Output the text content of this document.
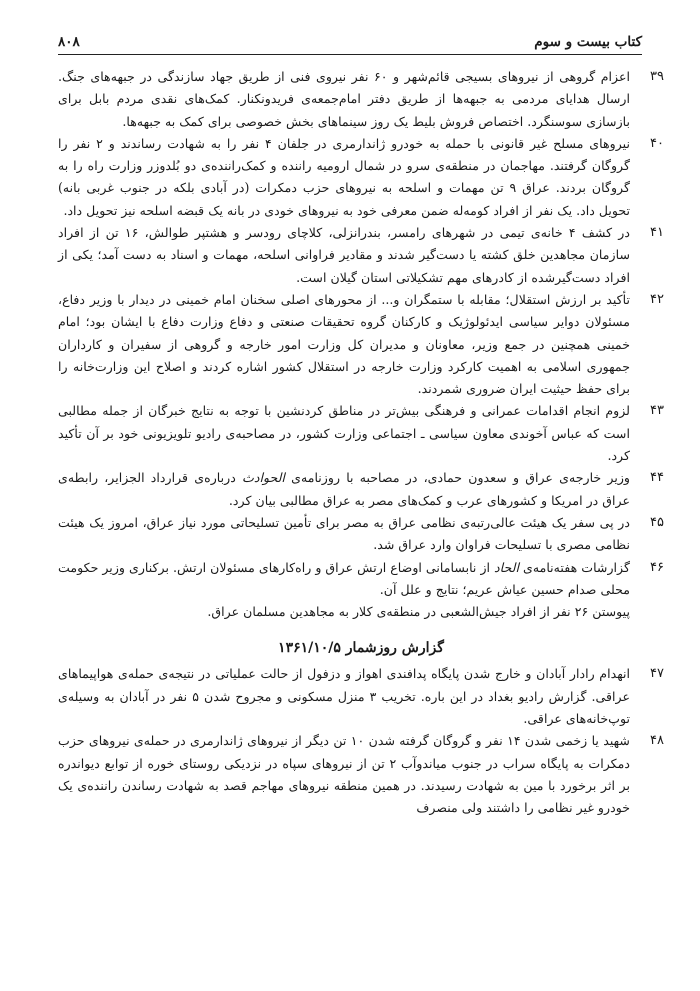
کتاب بیست و سوم
۸۰۸
۳۹
اعزام گروهی از نیروهای بسیجی قائم‌شهر و ۶۰ نفر نیروی فنی از طریق جهاد سازندگی در جبهه‌های جنگ. ارسال هدایای مردمی به جبهه‌ها از طریق دفتر امام‌جمعه‌ی فریدونکنار. کمک‌های نقدی مردم بابل برای بازسازی سوسنگرد. اختصاص فروش بلیط یک روز سینماهای بخش خصوصی برای کمک به جبهه‌ها.
۴۰
نیروهای مسلح غیر قانونی با حمله به خودرو ژاندارمری در جلفان ۴ نفر را به شهادت رساندند و ۲ نفر را گروگان گرفتند. مهاجمان در منطقه‌ی سرو در شمال ارومیه راننده و کمک‌راننده‌ی دو بُلدوزر وزارت راه را به گروگان بردند. عراق ۹ تن مهمات و اسلحه به نیروهای حزب دمکرات (در آبادی بلکه در جنوب غربی بانه) تحویل داد. یک نفر از افراد کومه‌له ضمن معرفی خود به نیروهای خودی در بانه یک قبضه اسلحه نیز تحویل داد.
۴۱
در کشف ۴ خانه‌ی تیمی در شهرهای رامسر، بندرانزلی، کلاچای رودسر و هشتپر طوالش، ۱۶ تن از افراد سازمان مجاهدین خلق کشته یا دست‌گیر شدند و مقادیر فراوانی اسلحه، مهمات و اسناد به دست آمد؛ یکی از افراد دست‌گیرشده از کادرهای مهم تشکیلاتی استان گیلان است.
۴۲
تأکید بر ارزش استقلال؛ مقابله با ستمگران و... از محورهای اصلی سخنان امام خمینی در دیدار با وزیر دفاع، مسئولان دوایر سیاسی ایدئولوژیک و کارکنان گروه تحقیقات صنعتی و دفاع وزارت دفاع با ایشان بود؛ امام خمینی همچنین در جمع وزیر، معاونان و مدیران کل وزارت امور خارجه و گروهی از سفیران و کارداران جمهوری اسلامی به اهمیت کارکرد وزارت خارجه در استقلال کشور اشاره کردند و اصلاح این وزارت‌خانه را برای حفظ حیثیت ایران ضروری شمردند.
۴۳
لزوم انجام اقدامات عمرانی و فرهنگی بیش‌تر در مناطق کردنشین با توجه به نتایج خبرگان از جمله مطالبی است که عباس آخوندی معاون سیاسی ـ اجتماعی وزارت کشور، در مصاحبه‌ی رادیو تلویزیونی خود بر آن تأکید کرد.
۴۴
وزیر خارجه‌ی عراق و سعدون حمادی، در مصاحبه با روزنامه‌ی الحوادث درباره‌ی قرارداد الجزایر، رابطه‌ی عراق در امریکا و کشورهای عرب و کمک‌های مصر به عراق مطالبی بیان کرد.
۴۵
در پی سفر یک هیئت عالی‌رتبه‌ی نظامی عراق به مصر برای تأمین تسلیحاتی مورد نیاز عراق، امروز یک هیئت نظامی مصری با تسلیحات فراوان وارد عراق شد.
۴۶
گزارشات هفته‌نامه‌ی الحاد از نابسامانی اوضاع ارتش عراق و راه‌کارهای مسئولان ارتش. برکناری وزیر حکومت محلی صدام حسین عیاش عریم؛ نتایج و علل آن.
پیوستن ۲۶ نفر از افراد جیش‌الشعبی در منطقه‌ی کلار به مجاهدین مسلمان عراق.
گزارش روزشمار ۱۳۶۱/۱۰/۵
۴۷
انهدام رادار آبادان و خارج شدن پایگاه پدافندی اهواز و دزفول از حالت عملیاتی در نتیجه‌ی حمله‌ی هواپیماهای عراقی. گزارش رادیو بغداد در این باره. تخریب ۳ منزل مسکونی و مجروح شدن ۵ نفر در آبادان به وسیله‌ی توپ‌خانه‌های عراقی.
۴۸
شهید یا زخمی شدن ۱۴ نفر و گروگان گرفته شدن ۱۰ تن دیگر از نیروهای ژاندارمری در حمله‌ی نیروهای حزب دمکرات به پایگاه سراب در جنوب میاندوآب ۲ تن از نیروهای سپاه در نزدیکی روستای خوره از توابع دیواندره بر اثر برخورد با مین به شهادت رسیدند. در همین منطقه نیروهای مهاجم قصد به شهادت رساندن راننده‌ی یک خودرو غیر نظامی را داشتند ولی منصرف
